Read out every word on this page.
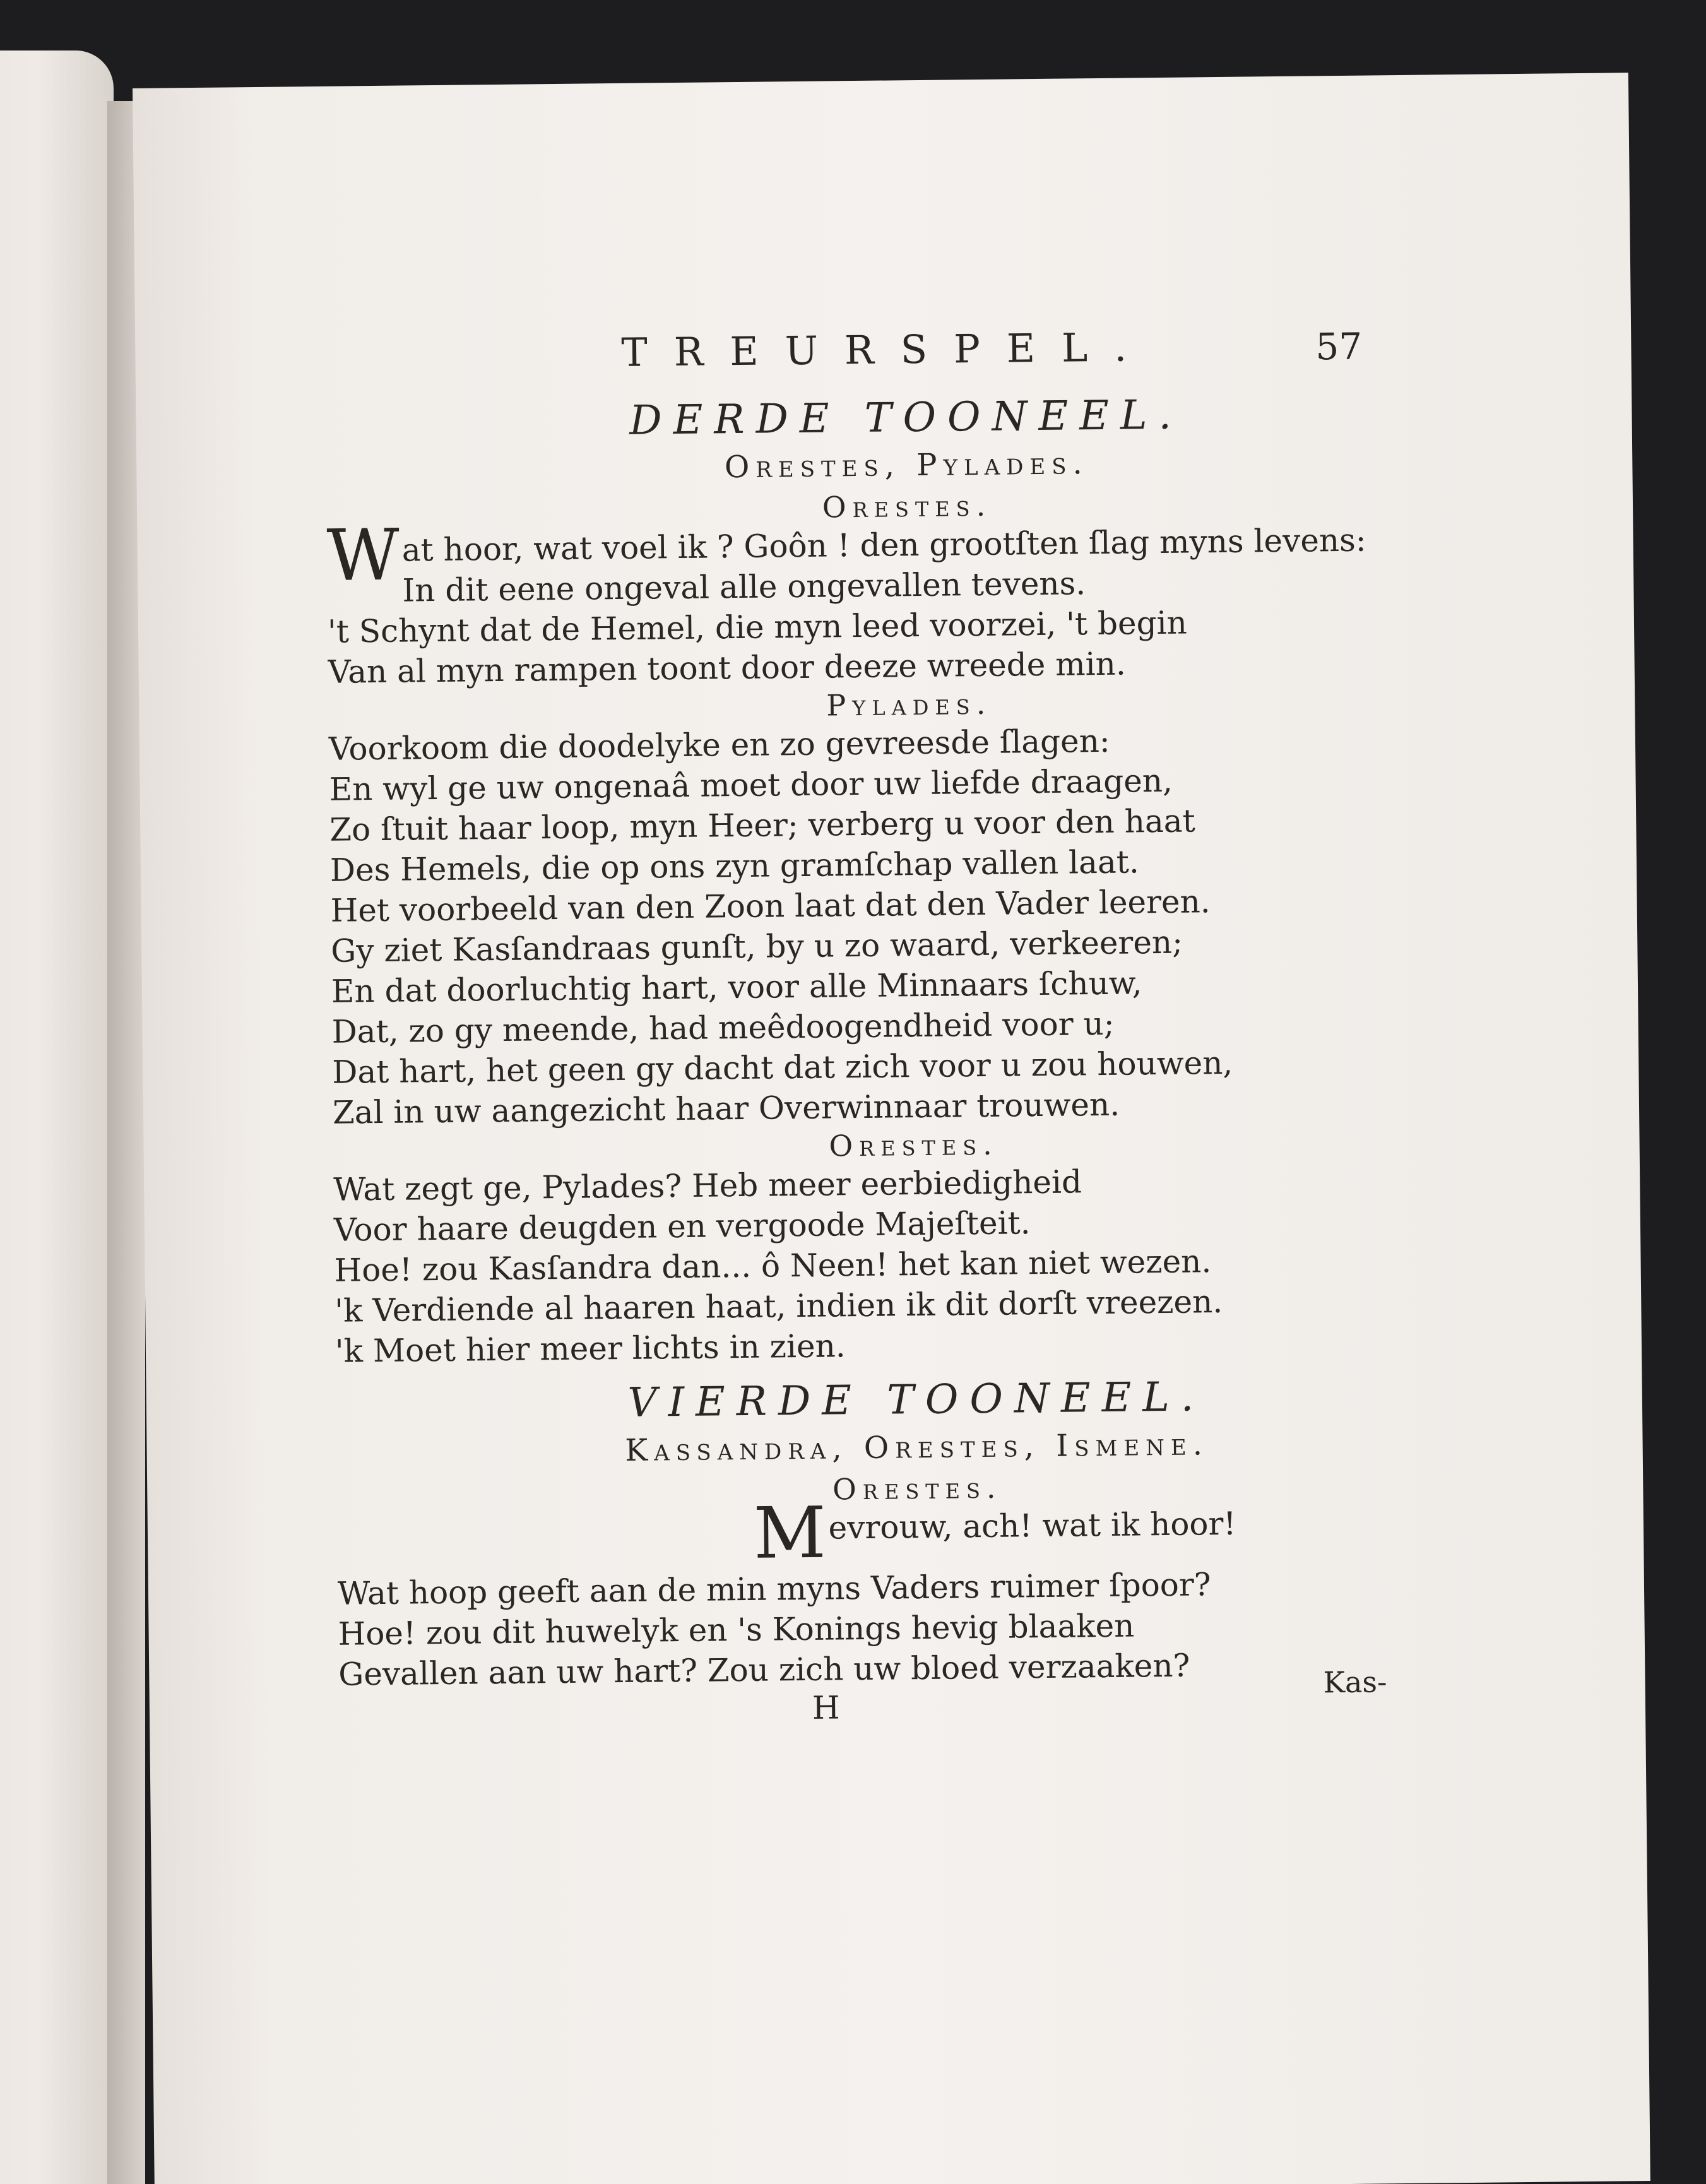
TREURSPEL.	57
DERDE TOONEEL.
Orestes, Pylades.
Orestes.
W at hoor, wat voel ik ? Goôn ! den grootſten ſlag myns levens:

In dit eene ongeval alle ongevallen tevens.

't Schynt dat de Hemel, die myn leed voorzei, 't begin

Van al myn rampen toont door deeze wreede min.

Pylades.

Voorkoom die doodelyke en zo gevreesde ſlagen:

En wyl ge uw ongenaâ moet door uw liefde draagen,

Zo ſtuit haar loop, myn Heer; verberg u voor den haat

Des Hemels, die op ons zyn gramſchap vallen laat.

Het voorbeeld van den Zoon laat dat den Vader leeren.

Gy ziet Kasſandraas gunſt, by u zo waard, verkeeren;

En dat doorluchtig hart, voor alle Minnaars ſchuw,

Dat, zo gy meende, had meêdoogendheid voor u;

Dat hart, het geen gy dacht dat zich voor u zou houwen,

Zal in uw aangezicht haar Overwinnaar trouwen.

Orestes.

Wat zegt ge, Pylades? Heb meer eerbiedigheid

Voor haare deugden en vergoode Majeſteit.

Hoe! zou Kasſandra dan... ô Neen! het kan niet wezen.

'k Verdiende al haaren haat, indien ik dit dorſt vreezen.

'k Moet hier meer lichts in zien.

VIERDE TOONEEL.
Kassandra, Orestes, Ismene.
Orestes.

Mevrouw, ach! wat ik hoor!

Wat hoop geeft aan de min myns Vaders ruimer ſpoor?

Hoe! zou dit huwelyk en 's Konings hevig blaaken

Gevallen aan uw hart? Zou zich uw bloed verzaaken?

H
Kas-
